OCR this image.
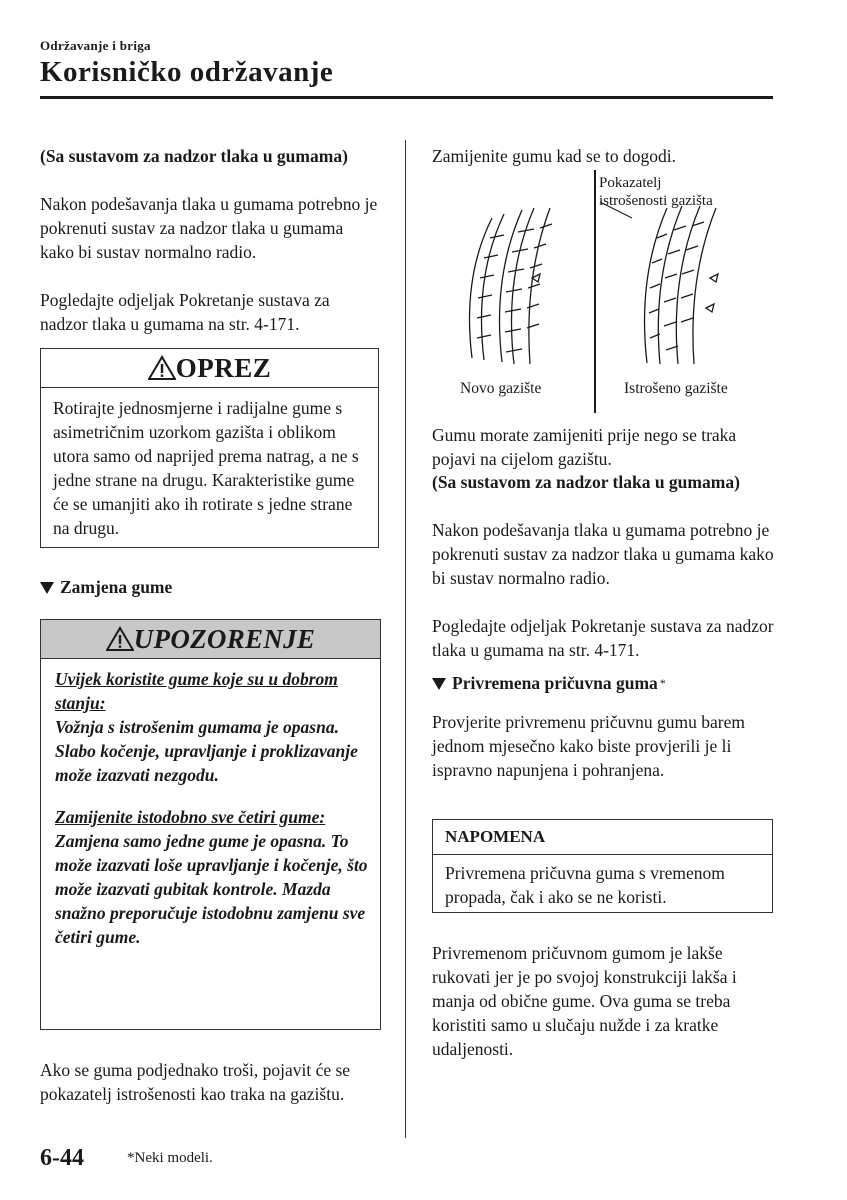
Održavanje i briga
Korisničko održavanje

(Sa sustavom za nadzor tlaka u gumama)

Nakon podešavanja tlaka u gumama potrebno je pokrenuti sustav za nadzor tlaka u gumama kako bi sustav normalno radio.

Pogledajte odjeljak Pokretanje sustava za nadzor tlaka u gumama na str. 4-171.

OPREZ

Rotirajte jednosmjerne i radijalne gume s asimetričnim uzorkom gazišta i oblikom utora samo od naprijed prema natrag, a ne s jedne strane na drugu. Karakteristike gume će se umanjiti ako ih rotirate s jedne strane na drugu.

Zamjena gume
UPOZORENJE

Uvijek koristite gume koje su u dobrom stanju:

Vožnja s istrošenim gumama je opasna. Slabo kočenje, upravljanje i proklizavanje može izazvati nezgodu.

Zamijenite istodobno sve četiri gume:

Zamjena samo jedne gume je opasna. To može izazvati loše upravljanje i kočenje, što može izazvati gubitak kontrole. Mazda snažno preporučuje istodobnu zamjenu sve četiri gume.

Ako se guma podjednako troši, pojavit će se pokazatelj istrošenosti kao traka na gazištu.

Zamijenite gumu kad se to dogodi.

Pokazatelj
istrošenosti gazišta
Novo gazište	Istrošeno gazište

Gumu morate zamijeniti prije nego se traka pojavi na cijelom gazištu.

(Sa sustavom za nadzor tlaka u gumama)

Nakon podešavanja tlaka u gumama potrebno je pokrenuti sustav za nadzor tlaka u gumama kako bi sustav normalno radio.

Pogledajte odjeljak Pokretanje sustava za nadzor tlaka u gumama na str. 4-171.

Privremena pričuvna guma *

Provjerite privremenu pričuvnu gumu barem jednom mjesečno kako biste provjerili je li ispravno napunjena i pohranjena.

NAPOMENA

Privremena pričuvna guma s vremenom propada, čak i ako se ne koristi.

Privremenom pričuvnom gumom je lakše rukovati jer je po svojoj konstrukciji lakša i manja od obične gume. Ova guma se treba koristiti samo u slučaju nužde i za kratke udaljenosti.

6-44	*Neki modeli.
